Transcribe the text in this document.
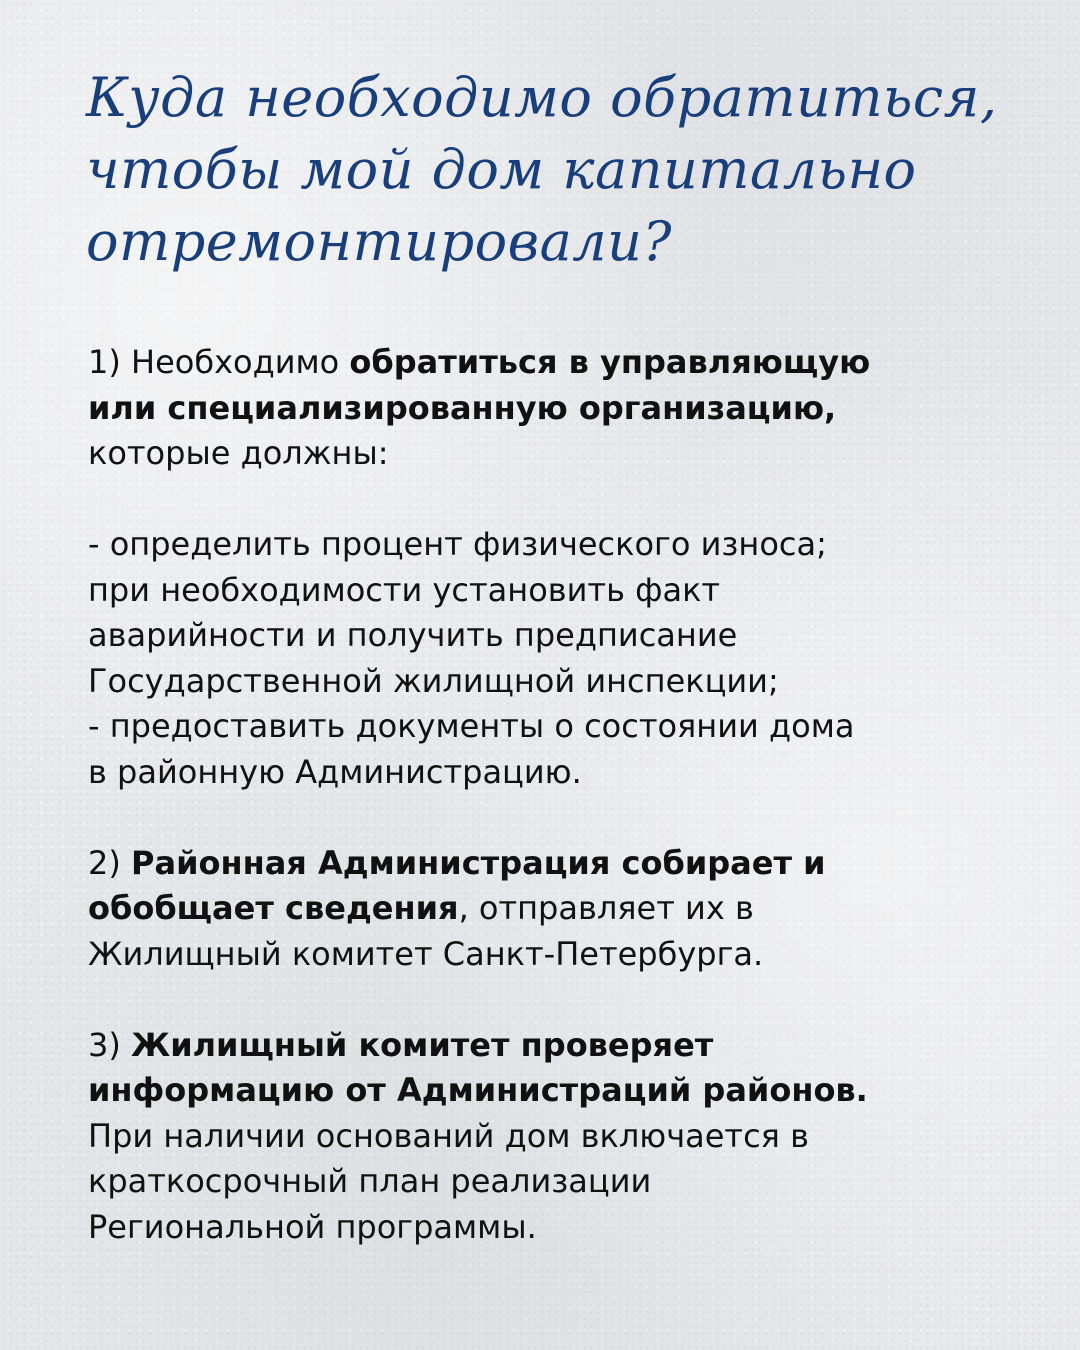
Куда необходимо обратиться,
чтобы мой дом капитально
отремонтировали?
1) Необходимо обратиться в управляющую
или специализированную организацию,
которые должны:
- определить процент физического износа;
при необходимости установить факт
аварийности и получить предписание
Государственной жилищной инспекции;
- предоставить документы о состоянии дома
в районную Администрацию.
2) Районная Администрация собирает и
обобщает сведения, отправляет их в
Жилищный комитет Санкт-Петербурга.
3) Жилищный комитет проверяет
информацию от Администраций районов.
При наличии оснований дом включается в
краткосрочный план реализации
Региональной программы.
